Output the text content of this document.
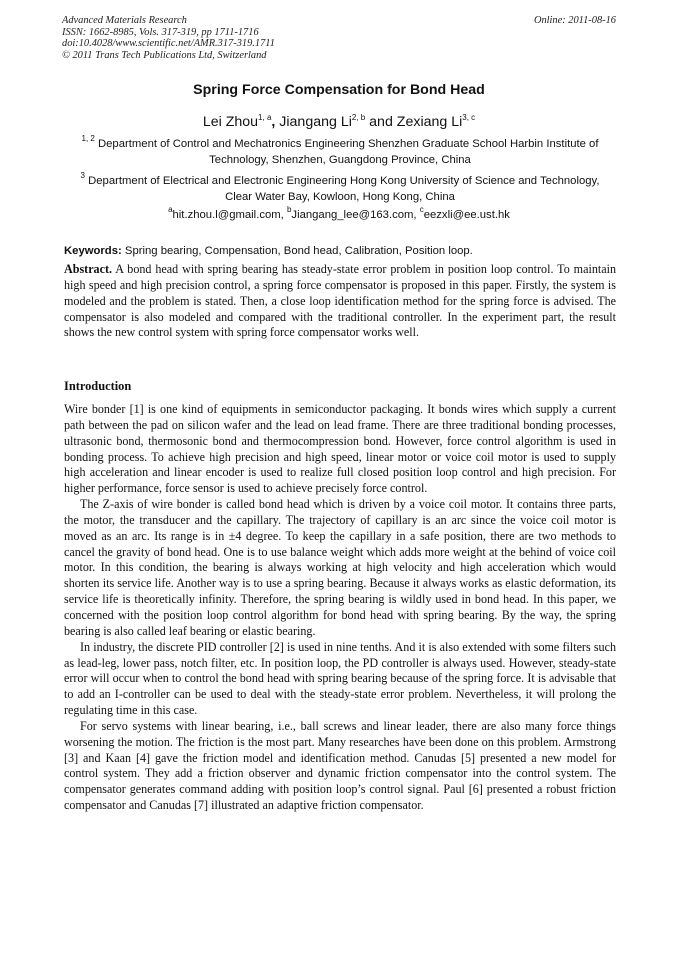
Advanced Materials Research
ISSN: 1662-8985, Vols. 317-319, pp 1711-1716
doi:10.4028/www.scientific.net/AMR.317-319.1711
© 2011 Trans Tech Publications Ltd, Switzerland
Online: 2011-08-16
Spring Force Compensation for Bond Head
Lei Zhou$^{1, a}$, Jiangang Li$^{2, b}$ and Zexiang Li$^{3, c}$
$^{1, 2}$ Department of Control and Mechatronics Engineering Shenzhen Graduate School Harbin Institute of Technology, Shenzhen, Guangdong Province, China
$^3$ Department of Electrical and Electronic Engineering Hong Kong University of Science and Technology, Clear Water Bay, Kowloon, Hong Kong, China
$^a$hit.zhou.l@gmail.com, $^b$Jiangang_lee@163.com, $^c$eezxli@ee.ust.hk
Keywords: Spring bearing, Compensation, Bond head, Calibration, Position loop.
Abstract. A bond head with spring bearing has steady-state error problem in position loop control. To maintain high speed and high precision control, a spring force compensator is proposed in this paper. Firstly, the system is modeled and the problem is stated. Then, a close loop identification method for the spring force is advised. The compensator is also modeled and compared with the traditional controller. In the experiment part, the result shows the new control system with spring force compensator works well.
Introduction

Wire bonder [1] is one kind of equipments in semiconductor packaging. It bonds wires which supply a current path between the pad on silicon wafer and the lead on lead frame. There are three traditional bonding processes, ultrasonic bond, thermosonic bond and thermocompression bond. However, force control algorithm is used in bonding process. To achieve high precision and high speed, linear motor or voice coil motor is used to supply high acceleration and linear encoder is used to realize full closed position loop control and high precision. For higher performance, force sensor is used to achieve precisely force control.

The Z-axis of wire bonder is called bond head which is driven by a voice coil motor. It contains three parts, the motor, the transducer and the capillary. The trajectory of capillary is an arc since the voice coil motor is moved as an arc. Its range is in ±4 degree. To keep the capillary in a safe position, there are two methods to cancel the gravity of bond head. One is to use balance weight which adds more weight at the behind of voice coil motor. In this condition, the bearing is always working at high velocity and high acceleration which would shorten its service life. Another way is to use a spring bearing. Because it always works as elastic deformation, its service life is theoretically infinity. Therefore, the spring bearing is wildly used in bond head. In this paper, we concerned with the position loop control algorithm for bond head with spring bearing. By the way, the spring bearing is also called leaf bearing or elastic bearing.

In industry, the discrete PID controller [2] is used in nine tenths. And it is also extended with some filters such as lead-leg, lower pass, notch filter, etc. In position loop, the PD controller is always used. However, steady-state error will occur when to control the bond head with spring bearing because of the spring force. It is advisable that to add an I-controller can be used to deal with the steady-state error problem. Nevertheless, it will prolong the regulating time in this case.

For servo systems with linear bearing, i.e., ball screws and linear leader, there are also many force things worsening the motion. The friction is the most part. Many researches have been done on this problem. Armstrong [3] and Kaan [4] gave the friction model and identification method. Canudas [5] presented a new model for control system. They add a friction observer and dynamic friction compensator into the control system. The compensator generates command adding with position loop’s control signal. Paul [6] presented a robust friction compensator and Canudas [7] illustrated an adaptive friction compensator.
